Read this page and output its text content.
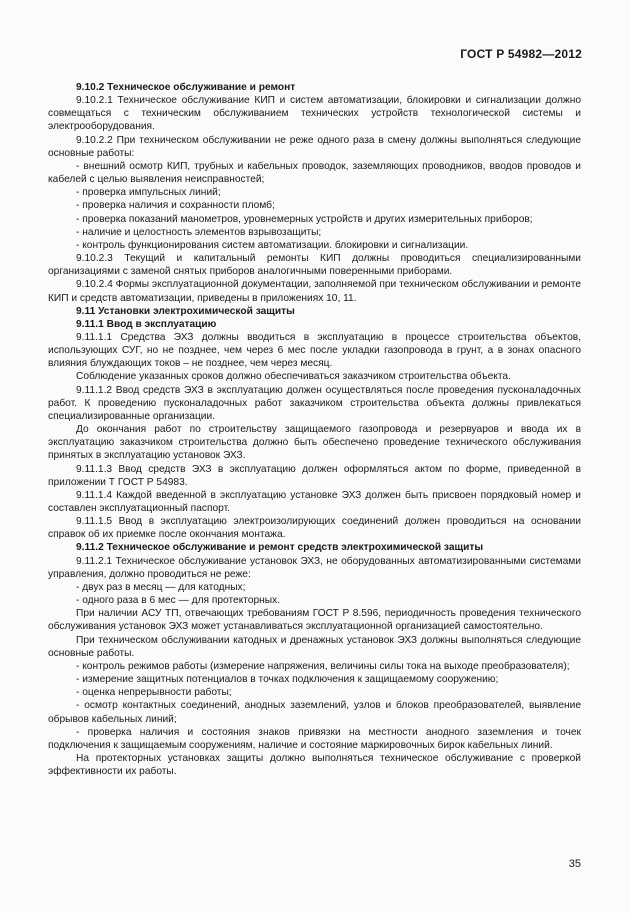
ГОСТ Р 54982—2012

9.10.2 Техническое обслуживание и ремонт

9.10.2.1 Техническое обслуживание КИП и систем автоматизации, блокировки и сигнализации должно совмещаться с техническим обслуживанием технических устройств технологической системы и электрооборудования.

9.10.2.2 При техническом обслуживании не реже одного раза в смену должны выполняться следующие основные работы:

- внешний осмотр КИП, трубных и кабельных проводок, заземляющих проводников, вводов проводов и кабелей с целью выявления неисправностей;

- проверка импульсных линий;

- проверка наличия и сохранности пломб;

- проверка показаний манометров, уровнемерных устройств и других измерительных приборов;

- наличие и целостность элементов взрывозащиты;

- контроль функционирования систем автоматизации. блокировки и сигнализации.

9.10.2.3 Текущий и капитальный ремонты КИП должны проводиться специализированными организациями с заменой снятых приборов аналогичными поверенными приборами.

9.10.2.4 Формы эксплуатационной документации, заполняемой при техническом обслуживании и ремонте КИП и средств автоматизации, приведены в приложениях 10, 11.

9.11 Установки электрохимической защиты

9.11.1 Ввод в эксплуатацию

9.11.1.1 Средства ЭХЗ должны вводиться в эксплуатацию в процессе строительства объектов, использующих СУГ, но не позднее, чем через 6 мес после укладки газопровода в грунт, а в зонах опасного влияния блуждающих токов – не позднее, чем через месяц.

Соблюдение указанных сроков должно обеспечиваться заказчиком строительства объекта.

9.11.1.2 Ввод средств ЭХЗ в эксплуатацию должен осуществляться после проведения пусконаладочных работ. К проведению пусконаладочных работ заказчиком строительства объекта должны привлекаться специализированные организации.

До окончания работ по строительству защищаемого газопровода и резервуаров и ввода их в эксплуатацию заказчиком строительства должно быть обеспечено проведение технического обслуживания принятых в эксплуатацию установок ЭХЗ.

9.11.1.3 Ввод средств ЭХЗ в эксплуатацию должен оформляться актом по форме, приведенной в приложении Т ГОСТ Р 54983.

9.11.1.4 Каждой введенной в эксплуатацию установке ЭХЗ должен быть присвоен порядковый номер и составлен эксплуатационный паспорт.

9.11.1.5 Ввод в эксплуатацию электроизолирующих соединений должен проводиться на основании справок об их приемке после окончания монтажа.

9.11.2 Техническое обслуживание и ремонт средств электрохимической защиты

9.11.2.1 Техническое обслуживание установок ЭХЗ, не оборудованных автоматизированными системами управления, должно проводиться не реже:

- двух раз в месяц — для катодных;

- одного раза в 6 мес — для протекторных.

При наличии АСУ ТП, отвечающих требованиям ГОСТ Р 8.596, периодичность проведения технического обслуживания установок ЭХЗ может устанавливаться эксплуатационной организацией самостоятельно.

При техническом обслуживании катодных и дренажных установок ЭХЗ должны выполняться следующие основные работы.

- контроль режимов работы (измерение напряжения, величины силы тока на выходе преобразователя);

- измерение защитных потенциалов в точках подключения к защищаемому сооружению;

- оценка непрерывности работы;

- осмотр контактных соединений, анодных заземлений, узлов и блоков преобразователей, выявление обрывов кабельных линий;

- проверка наличия и состояния знаков привязки на местности анодного заземления и точек подключения к защищаемым сооружениям, наличие и состояние маркировочных бирок кабельных линий.

На протекторных установках защиты должно выполняться техническое обслуживание с проверкой эффективности их работы.

35
